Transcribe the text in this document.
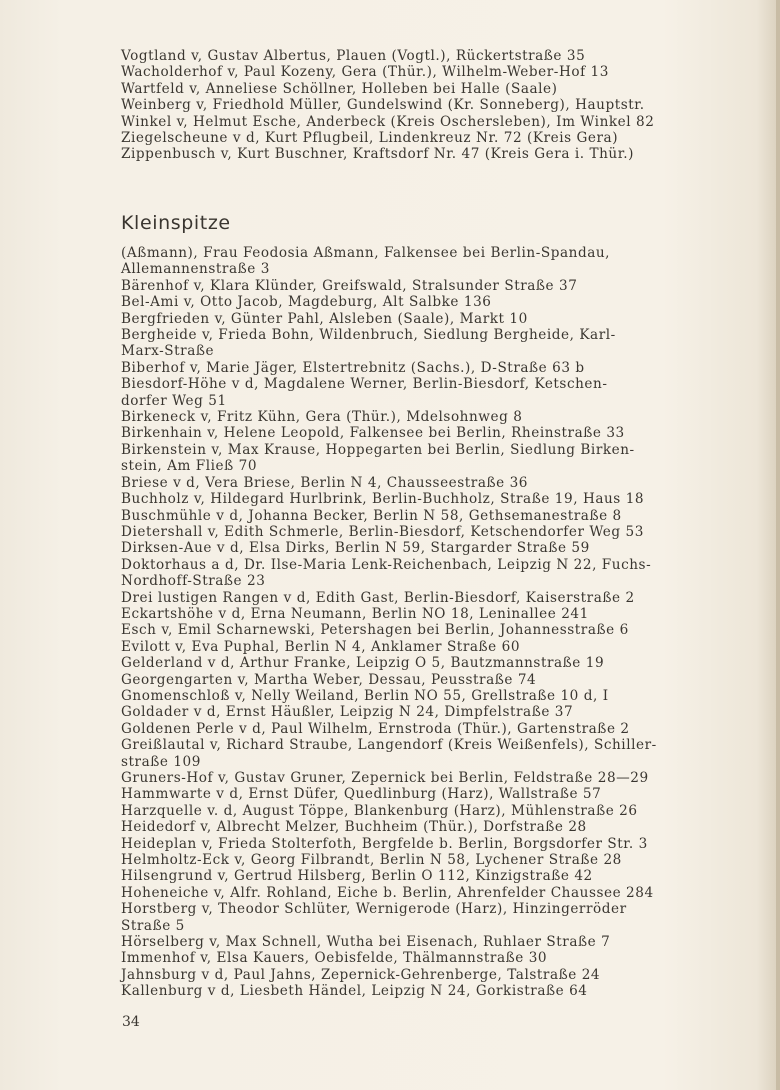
Vogtland v, Gustav Albertus, Plauen (Vogtl.), Rückertstraße 35
Wacholderhof v, Paul Kozeny, Gera (Thür.), Wilhelm-Weber-Hof 13
Wartfeld v, Anneliese Schöllner, Holleben bei Halle (Saale)
Weinberg v, Friedhold Müller, Gundelswind (Kr. Sonneberg), Hauptstr.
Winkel v, Helmut Esche, Anderbeck (Kreis Oschersleben), Im Winkel 82
Ziegelscheune v d, Kurt Pflugbeil, Lindenkreuz Nr. 72 (Kreis Gera)
Zippenbusch v, Kurt Buschner, Kraftsdorf Nr. 47 (Kreis Gera i. Thür.)
Kleinspitze
(Aßmann), Frau Feodosia Aßmann, Falkensee bei Berlin-Spandau,
Allemannenstraße 3
Bärenhof v, Klara Klünder, Greifswald, Stralsunder Straße 37
Bel-Ami v, Otto Jacob, Magdeburg, Alt Salbke 136
Bergfrieden v, Günter Pahl, Alsleben (Saale), Markt 10
Bergheide v, Frieda Bohn, Wildenbruch, Siedlung Bergheide, Karl-
Marx-Straße
Biberhof v, Marie Jäger, Elstertrebnitz (Sachs.), D-Straße 63 b
Biesdorf-Höhe v d, Magdalene Werner, Berlin-Biesdorf, Ketschen-
dorfer Weg 51
Birkeneck v, Fritz Kühn, Gera (Thür.), Mdelsohnweg 8
Birkenhain v, Helene Leopold, Falkensee bei Berlin, Rheinstraße 33
Birkenstein v, Max Krause, Hoppegarten bei Berlin, Siedlung Birken-
stein, Am Fließ 70
Briese v d, Vera Briese, Berlin N 4, Chausseestraße 36
Buchholz v, Hildegard Hurlbrink, Berlin-Buchholz, Straße 19, Haus 18
Buschmühle v d, Johanna Becker, Berlin N 58, Gethsemanestraße 8
Dietershall v, Edith Schmerle, Berlin-Biesdorf, Ketschendorfer Weg 53
Dirksen-Aue v d, Elsa Dirks, Berlin N 59, Stargarder Straße 59
Doktorhaus a d, Dr. Ilse-Maria Lenk-Reichenbach, Leipzig N 22, Fuchs-
Nordhoff-Straße 23
Drei lustigen Rangen v d, Edith Gast, Berlin-Biesdorf, Kaiserstraße 2
Eckartshöhe v d, Erna Neumann, Berlin NO 18, Leninallee 241
Esch v, Emil Scharnewski, Petershagen bei Berlin, Johannesstraße 6
Evilott v, Eva Puphal, Berlin N 4, Anklamer Straße 60
Gelderland v d, Arthur Franke, Leipzig O 5, Bautzmannstraße 19
Georgengarten v, Martha Weber, Dessau, Peusstraße 74
Gnomenschloß v, Nelly Weiland, Berlin NO 55, Grellstraße 10 d, I
Goldader v d, Ernst Häußler, Leipzig N 24, Dimpfelstraße 37
Goldenen Perle v d, Paul Wilhelm, Ernstroda (Thür.), Gartenstraße 2
Greißlautal v, Richard Straube, Langendorf (Kreis Weißenfels), Schiller-
straße 109
Gruners-Hof v, Gustav Gruner, Zepernick bei Berlin, Feldstraße 28—29
Hammwarte v d, Ernst Düfer, Quedlinburg (Harz), Wallstraße 57
Harzquelle v. d, August Töppe, Blankenburg (Harz), Mühlenstraße 26
Heidedorf v, Albrecht Melzer, Buchheim (Thür.), Dorfstraße 28
Heideplan v, Frieda Stolterfoth, Bergfelde b. Berlin, Borgsdorfer Str. 3
Helmholtz-Eck v, Georg Filbrandt, Berlin N 58, Lychener Straße 28
Hilsengrund v, Gertrud Hilsberg, Berlin O 112, Kinzigstraße 42
Hoheneiche v, Alfr. Rohland, Eiche b. Berlin, Ahrenfelder Chaussee 284
Horstberg v, Theodor Schlüter, Wernigerode (Harz), Hinzingerröder
Straße 5
Hörselberg v, Max Schnell, Wutha bei Eisenach, Ruhlaer Straße 7
Immenhof v, Elsa Kauers, Oebisfelde, Thälmannstraße 30
Jahnsburg v d, Paul Jahns, Zepernick-Gehrenberge, Talstraße 24
Kallenburg v d, Liesbeth Händel, Leipzig N 24, Gorkistraße 64
34
